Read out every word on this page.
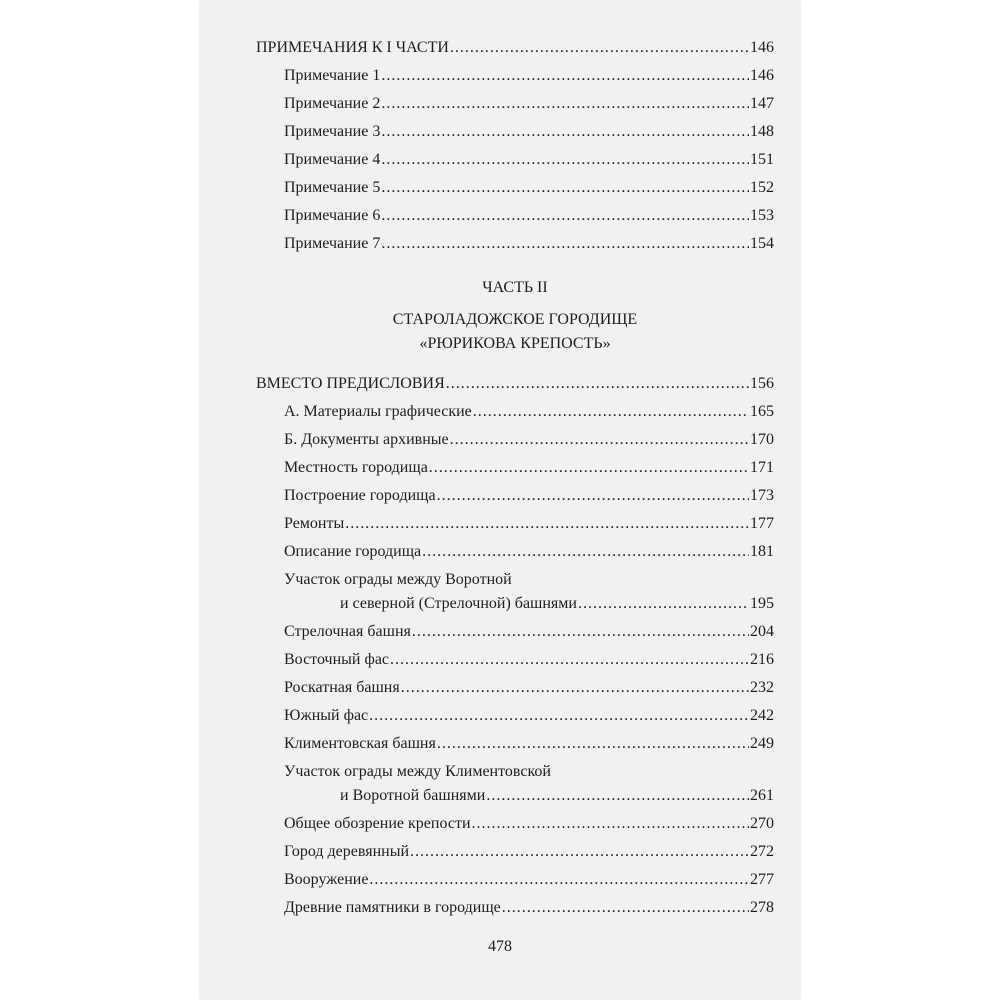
ПРИМЕЧАНИЯ К I ЧАСТИ .....	146
Примечание 1 .....	146
Примечание 2 .....	147
Примечание 3 .....	148
Примечание 4 .....	151
Примечание 5 .....	152
Примечание 6 .....	153
Примечание 7 .....	154
ЧАСТЬ II
СТАРОЛАДОЖСКОЕ ГОРОДИЩЕ
«РЮРИКОВА КРЕПОСТЬ»
ВМЕСТО ПРЕДИСЛОВИЯ .....	156
А. Материалы графические .....	165
Б. Документы архивные .....	170
Местность городища .....	171
Построение городища .....	173
Ремонты .....	177
Описание городища .....	181
Участок ограды между Воротной
и северной (Стрелочной) башнями .....	195
Стрелочная башня .....	204
Восточный фас .....	216
Роскатная башня .....	232
Южный фас .....	242
Климентовская башня .....	249
Участок ограды между Климентовской
и Воротной башнями .....	261
Общее обозрение крепости .....	270
Город деревянный .....	272
Вооружение .....	277
Древние памятники в городище .....	278
478
